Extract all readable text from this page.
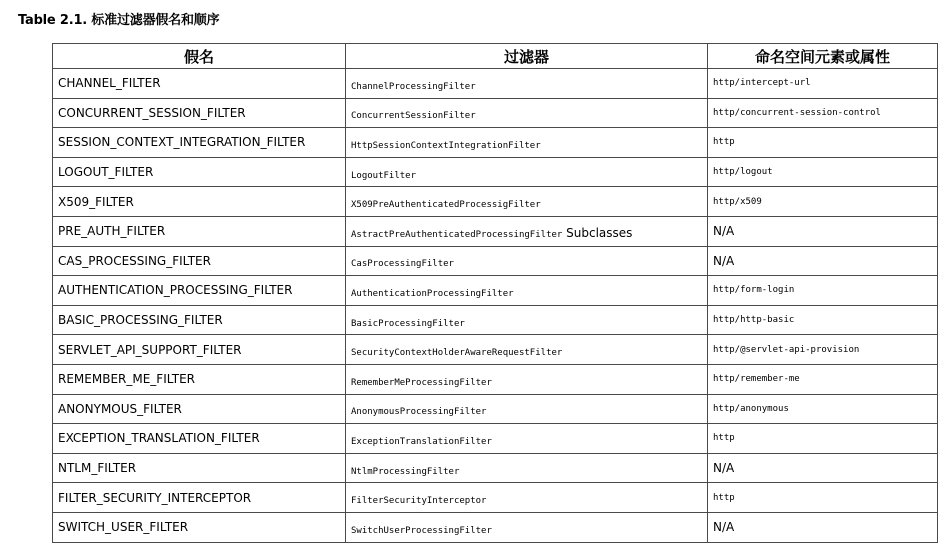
Table 2.1. 标准过滤器假名和顺序
假名	过滤器	命名空间元素或属性
CHANNEL_FILTER	ChannelProcessingFilter	http/intercept-url
CONCURRENT_SESSION_FILTER	ConcurrentSessionFilter	http/concurrent-session-control
SESSION_CONTEXT_INTEGRATION_FILTER	HttpSessionContextIntegrationFilter	http
LOGOUT_FILTER	LogoutFilter	http/logout
X509_FILTER	X509PreAuthenticatedProcessigFilter	http/x509
PRE_AUTH_FILTER	AstractPreAuthenticatedProcessingFilter Subclasses	N/A
CAS_PROCESSING_FILTER	CasProcessingFilter	N/A
AUTHENTICATION_PROCESSING_FILTER	AuthenticationProcessingFilter	http/form-login
BASIC_PROCESSING_FILTER	BasicProcessingFilter	http/http-basic
SERVLET_API_SUPPORT_FILTER	SecurityContextHolderAwareRequestFilter	http/@servlet-api-provision
REMEMBER_ME_FILTER	RememberMeProcessingFilter	http/remember-me
ANONYMOUS_FILTER	AnonymousProcessingFilter	http/anonymous
EXCEPTION_TRANSLATION_FILTER	ExceptionTranslationFilter	http
NTLM_FILTER	NtlmProcessingFilter	N/A
FILTER_SECURITY_INTERCEPTOR	FilterSecurityInterceptor	http
SWITCH_USER_FILTER	SwitchUserProcessingFilter	N/A
